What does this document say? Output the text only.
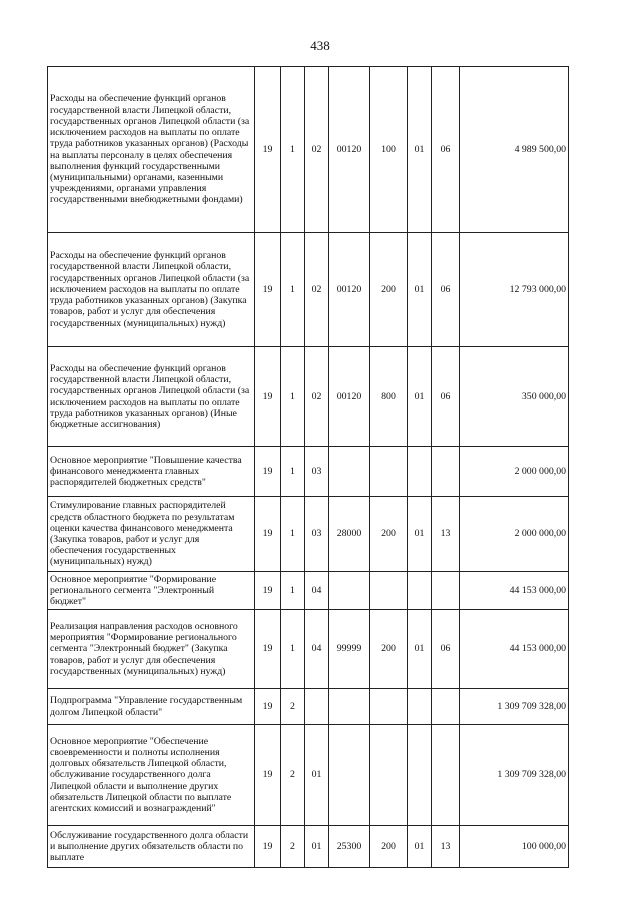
438
Расходы на обеспечение функций органов государственной власти Липецкой области, государственных органов Липецкой области (за исключением расходов на выплаты по оплате труда работников указанных органов) (Расходы на выплаты персоналу в целях обеспечения выполнения функций государственными (муниципальными) органами, казенными учреждениями, органами управления государственными внебюджетными фондами)	19	1	02	00120	100	01	06	4 989 500,00
Расходы на обеспечение функций органов государственной власти Липецкой области, государственных органов Липецкой области (за исключением расходов на выплаты по оплате труда работников указанных органов) (Закупка товаров, работ и услуг для обеспечения государственных (муниципальных) нужд)	19	1	02	00120	200	01	06	12 793 000,00
Расходы на обеспечение функций органов государственной власти Липецкой области, государственных органов Липецкой области (за исключением расходов на выплаты по оплате труда работников указанных органов) (Иные бюджетные ассигнования)	19	1	02	00120	800	01	06	350 000,00
Основное мероприятие "Повышение качества финансового менеджмента главных распорядителей бюджетных средств"	19	1	03					2 000 000,00
Стимулирование главных распорядителей средств областного бюджета по результатам оценки качества финансового менеджмента (Закупка товаров, работ и услуг для обеспечения государственных (муниципальных) нужд)	19	1	03	28000	200	01	13	2 000 000,00
Основное мероприятие "Формирование регионального сегмента "Электронный бюджет"	19	1	04					44 153 000,00
Реализация направления расходов основного мероприятия "Формирование регионального сегмента "Электронный бюджет" (Закупка товаров, работ и услуг для обеспечения государственных (муниципальных) нужд)	19	1	04	99999	200	01	06	44 153 000,00
Подпрограмма "Управление государственным долгом Липецкой области"	19	2						1 309 709 328,00
Основное мероприятие "Обеспечение своевременности и полноты исполнения долговых обязательств Липецкой области, обслуживание государственного долга Липецкой области и выполнение других обязательств Липецкой области по выплате агентских комиссий и вознаграждений"	19	2	01					1 309 709 328,00
Обслуживание государственного долга области и выполнение других обязательств области по выплате	19	2	01	25300	200	01	13	100 000,00
